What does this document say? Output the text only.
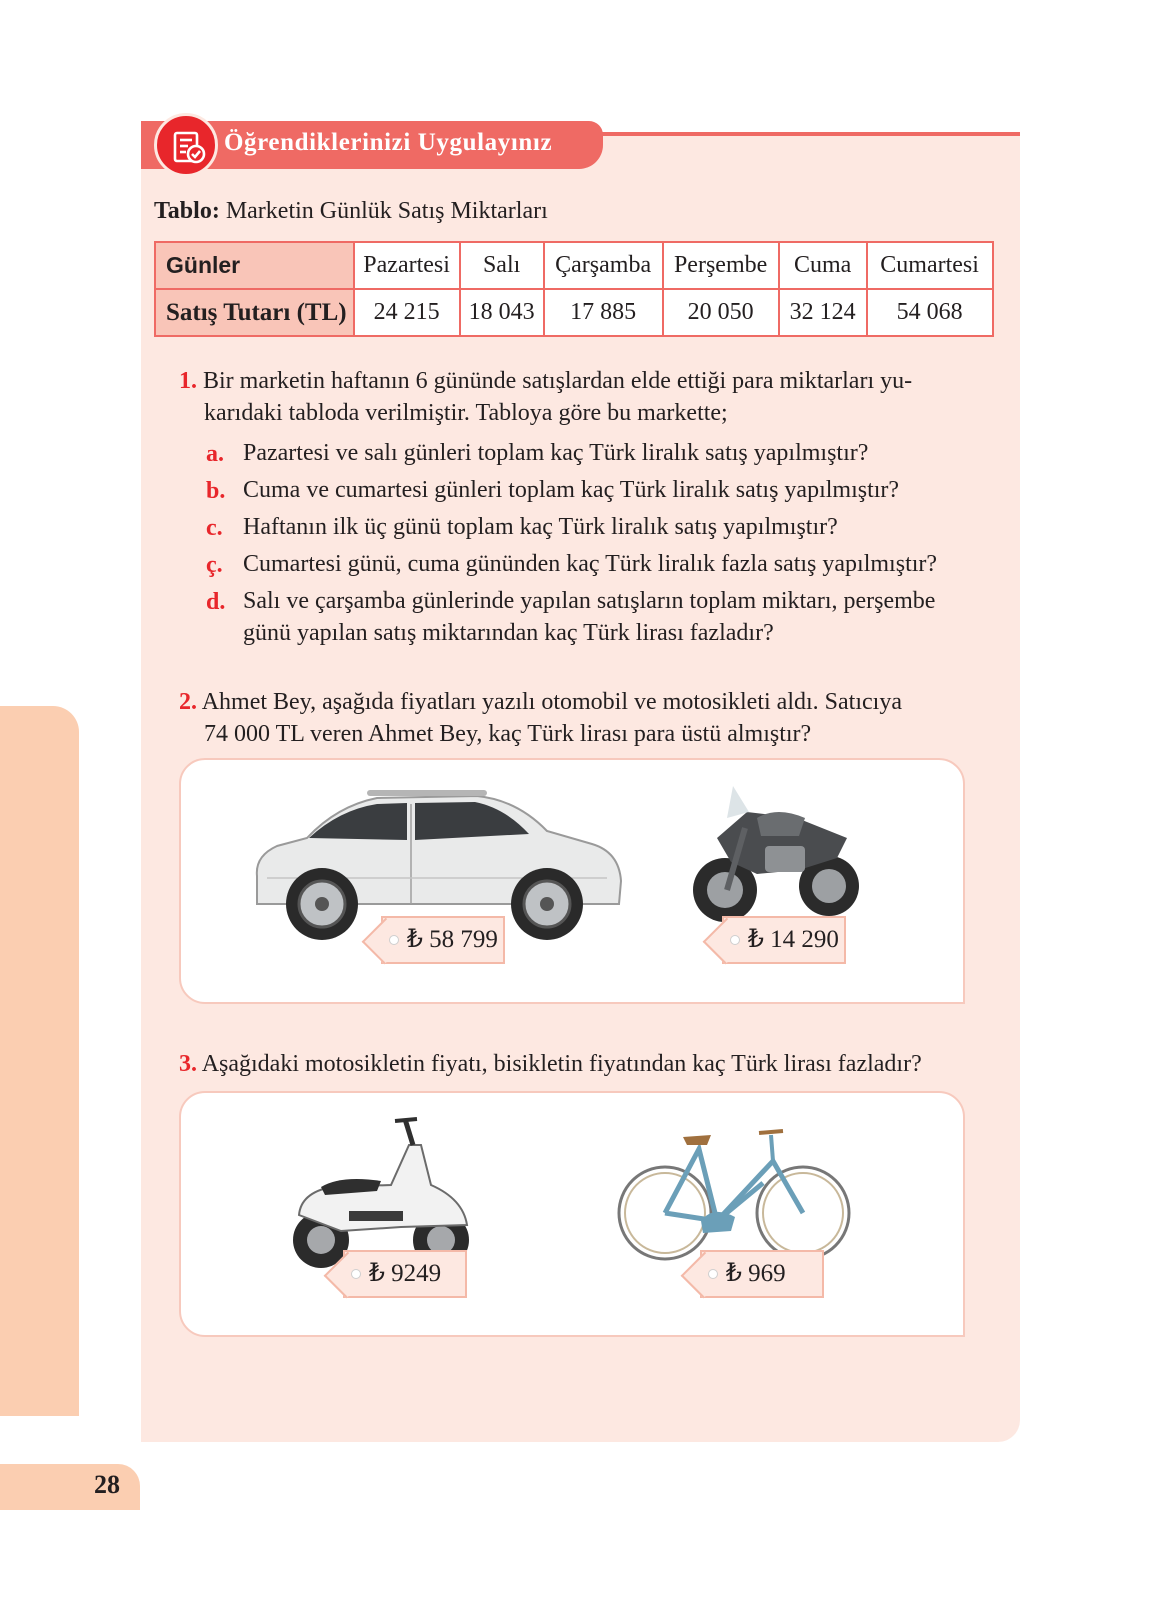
28
Öğrendiklerinizi Uygulayınız
Tablo: Marketin Günlük Satış Miktarları
Günler	Pazartesi	Salı	Çarşamba	Perşembe	Cuma	Cumartesi
Satış Tutarı (TL)	24 215	18 043	17 885	20 050	32 124	54 068
1. Bir marketin haftanın 6 gününde satışlardan elde ettiği para miktarları yu-
karıdaki tabloda verilmiştir. Tabloya göre bu markette;
a. Pazartesi ve salı günleri toplam kaç Türk liralık satış yapılmıştır?
b. Cuma ve cumartesi günleri toplam kaç Türk liralık satış yapılmıştır?
c. Haftanın ilk üç günü toplam kaç Türk liralık satış yapılmıştır?
ç. Cumartesi günü, cuma gününden kaç Türk liralık fazla satış yapılmıştır?
d. Salı ve çarşamba günlerinde yapılan satışların toplam miktarı, perşembe
günü yapılan satış miktarından kaç Türk lirası fazladır?
2. Ahmet Bey, aşağıda fiyatları yazılı otomobil ve motosikleti aldı. Satıcıya
74 000 TL veren Ahmet Bey, kaç Türk lirası para üstü almıştır?
₺ 58 799	₺ 14 290
3. Aşağıdaki motosikletin fiyatı, bisikletin fiyatından kaç Türk lirası fazladır?
₺ 9249	₺ 969
